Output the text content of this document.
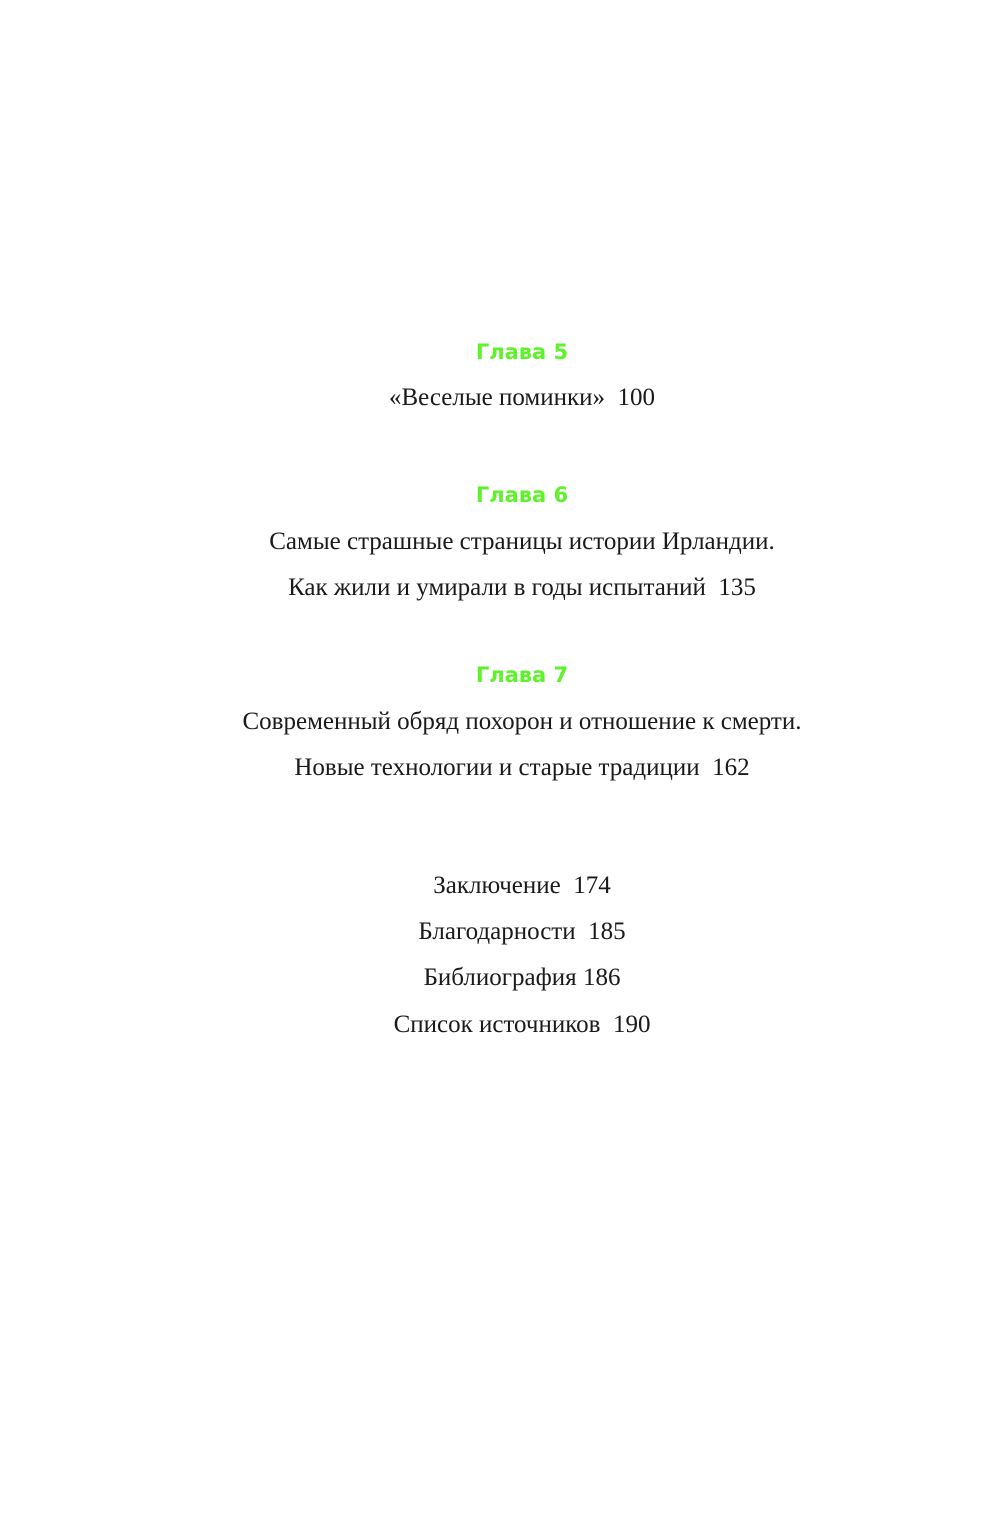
Глава 5
«Веселые поминки» 100
Глава 6
Самые страшные страницы истории Ирландии.
Как жили и умирали в годы испытаний 135
Глава 7
Современный обряд похорон и отношение к смерти.
Новые технологии и старые традиции 162
Заключение 174
Благодарности 185
Библиография 186
Список источников 190
